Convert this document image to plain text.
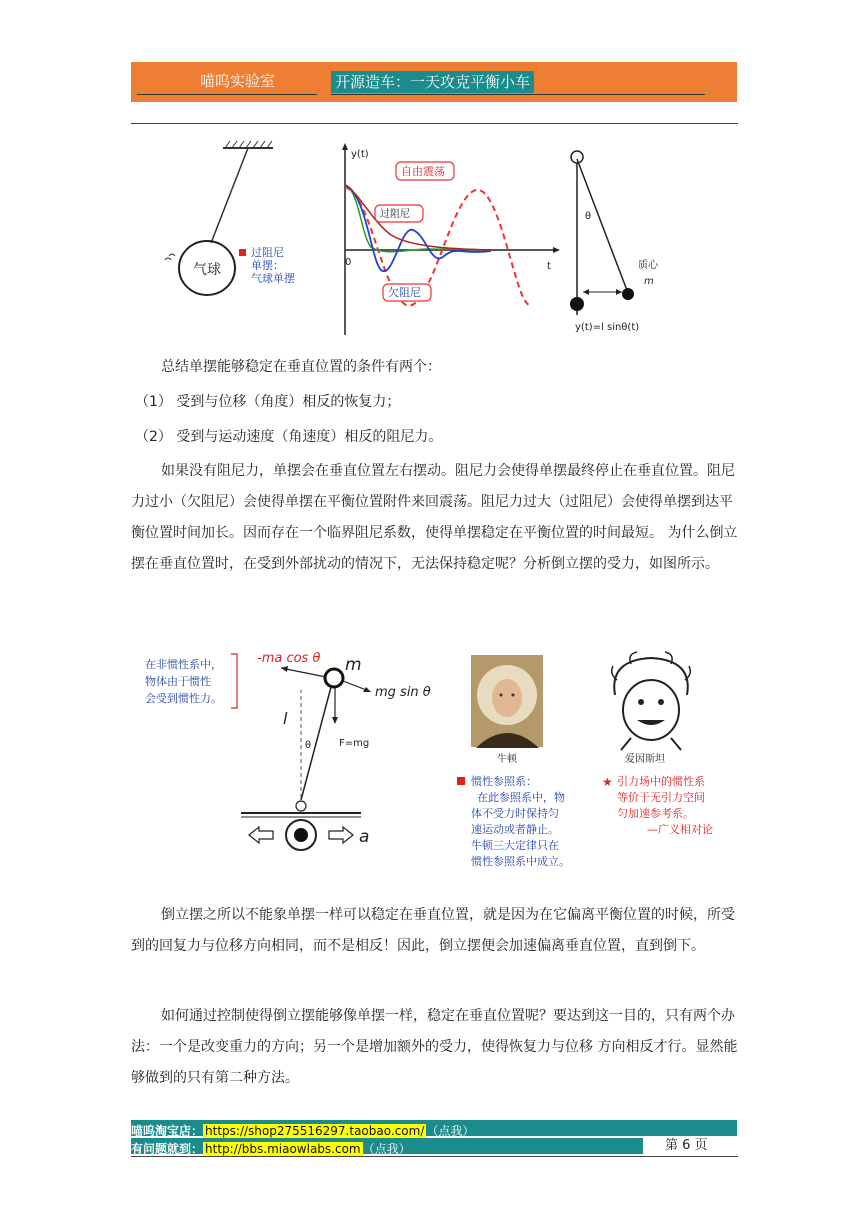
喵呜实验室	开源造车：一天攻克平衡小车
气球
过阻尼
单摆：
气球单摆
y(t)
t
0
自由震荡
过阻尼
欠阻尼
θ
质心
m
y(t)=l sinθ(t)

总结单摆能够稳定在垂直位置的条件有两个：

（1） 受到与位移（角度）相反的恢复力；

（2） 受到与运动速度（角速度）相反的阻尼力。

如果没有阻尼力，单摆会在垂直位置左右摆动。阻尼力会使得单摆最终停止在垂直位置。阻尼力过小（欠阻尼）会使得单摆在平衡位置附件来回震荡。阻尼力过大（过阻尼）会使得单摆到达平衡位置时间加长。因而存在一个临界阻尼系数，使得单摆稳定在平衡位置的时间最短。 为什么倒立摆在垂直位置时，在受到外部扰动的情况下，无法保持稳定呢？分析倒立摆的受力，如图所示。

在非惯性系中，
物体由于惯性
会受到惯性力。
-ma cos θ m
mg sin θ
l
θ	F=mg
a
牛顿	爱因斯坦
惯性参照系：
在此参照系中，物
体不受力时保持匀
速运动或者静止。
牛顿三大定律只在
惯性参照系中成立。
★ 引力场中的惯性系
等价于无引力空间
匀加速参考系。
—广义相对论

倒立摆之所以不能象单摆一样可以稳定在垂直位置，就是因为在它偏离平衡位置的时候，所受到的回复力与位移方向相同，而不是相反！因此，倒立摆便会加速偏离垂直位置，直到倒下。

如何通过控制使得倒立摆能够像单摆一样，稳定在垂直位置呢？要达到这一目的，只有两个办法：一个是改变重力的方向；另一个是增加额外的受力，使得恢复力与位移 方向相反才行。显然能够做到的只有第二种方法。

喵呜淘宝店： https://shop275516297.taobao.com/ （点我）
有问题就到： http://bbs.miaowlabs.com （点我）	第 6 页
